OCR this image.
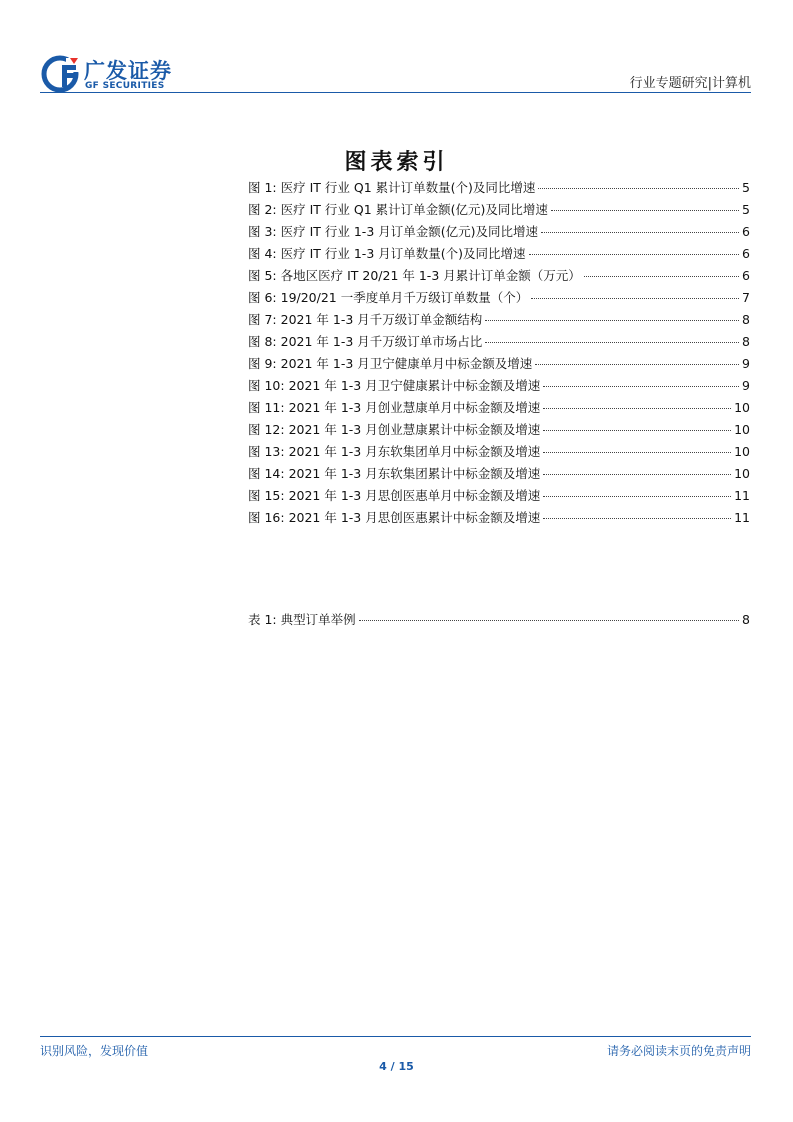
广发证券
GF SECURITIES	行业专题研究|计算机
图表索引
图 1: 医疗 IT 行业 Q1 累计订单数量(个)及同比增速	5
图 2: 医疗 IT 行业 Q1 累计订单金额(亿元)及同比增速	5
图 3: 医疗 IT 行业 1-3 月订单金额(亿元)及同比增速	6
图 4: 医疗 IT 行业 1-3 月订单数量(个)及同比增速	6
图 5: 各地区医疗 IT 20/21 年 1-3 月累计订单金额（万元）	6
图 6: 19/20/21 一季度单月千万级订单数量（个）	7
图 7: 2021 年 1-3 月千万级订单金额结构	8
图 8: 2021 年 1-3 月千万级订单市场占比	8
图 9: 2021 年 1-3 月卫宁健康单月中标金额及增速	9
图 10: 2021 年 1-3 月卫宁健康累计中标金额及增速	9
图 11: 2021 年 1-3 月创业慧康单月中标金额及增速	10
图 12: 2021 年 1-3 月创业慧康累计中标金额及增速	10
图 13: 2021 年 1-3 月东软集团单月中标金额及增速	10
图 14: 2021 年 1-3 月东软集团累计中标金额及增速	10
图 15: 2021 年 1-3 月思创医惠单月中标金额及增速	11
图 16: 2021 年 1-3 月思创医惠累计中标金额及增速	11
表 1: 典型订单举例	8
识别风险，发现价值	请务必阅读末页的免责声明
4 / 15
